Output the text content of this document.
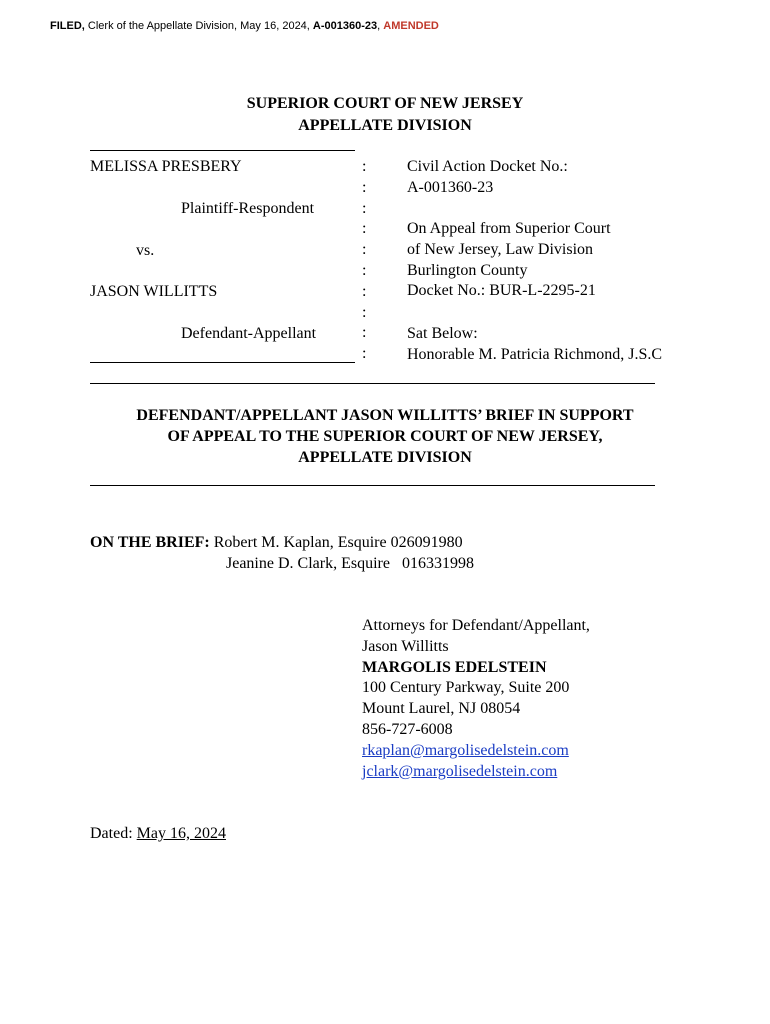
FILED, Clerk of the Appellate Division, May 16, 2024, A-001360-23, AMENDED
SUPERIOR COURT OF NEW JERSEY
APPELLATE DIVISION
MELISSA PRESBERY
Plaintiff-Respondent
vs.
JASON WILLITTS
Defendant-Appellant
:
:
:
:
:
:
:
:
:
:
Civil Action Docket No.:
A-001360-23
On Appeal from Superior Court
of New Jersey, Law Division
Burlington County
Docket No.: BUR-L-2295-21
Sat Below:
Honorable M. Patricia Richmond, J.S.C
DEFENDANT/APPELLANT JASON WILLITTS’ BRIEF IN SUPPORT
OF APPEAL TO THE SUPERIOR COURT OF NEW JERSEY,
APPELLATE DIVISION
ON THE BRIEF: Robert M. Kaplan, Esquire 026091980
Jeanine D. Clark, Esquire   016331998
Attorneys for Defendant/Appellant,
Jason Willitts
MARGOLIS EDELSTEIN
100 Century Parkway, Suite 200
Mount Laurel, NJ 08054
856-727-6008
rkaplan@margolisedelstein.com
jclark@margolisedelstein.com
Dated: May 16, 2024
